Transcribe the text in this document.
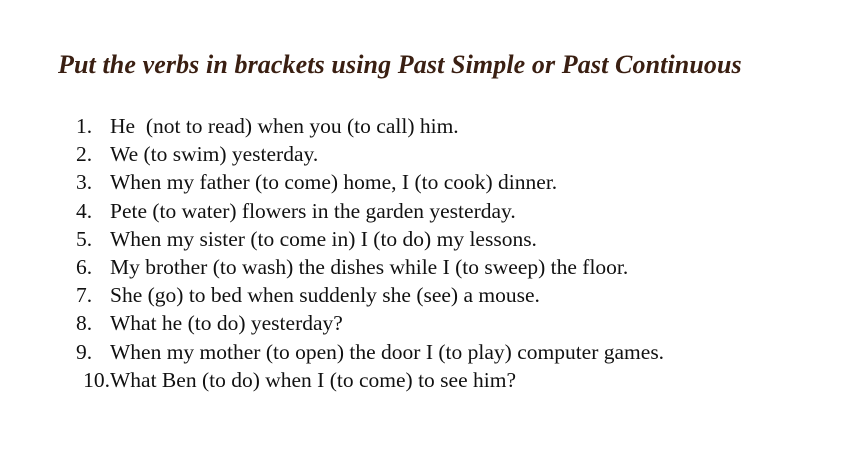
Put the verbs in brackets using Past Simple or Past Continuous
1. He  (not to read) when you (to call) him.
2. We (to swim) yesterday.
3. When my father (to come) home, I (to cook) dinner.
4. Pete (to water) flowers in the garden yesterday.
5. When my sister (to come in) I (to do) my lessons.
6. My brother (to wash) the dishes while I (to sweep) the floor.
7. She (go) to bed when suddenly she (see) a mouse.
8. What he (to do) yesterday?
9. When my mother (to open) the door I (to play) computer games.
10. What Ben (to do) when I (to come) to see him?
